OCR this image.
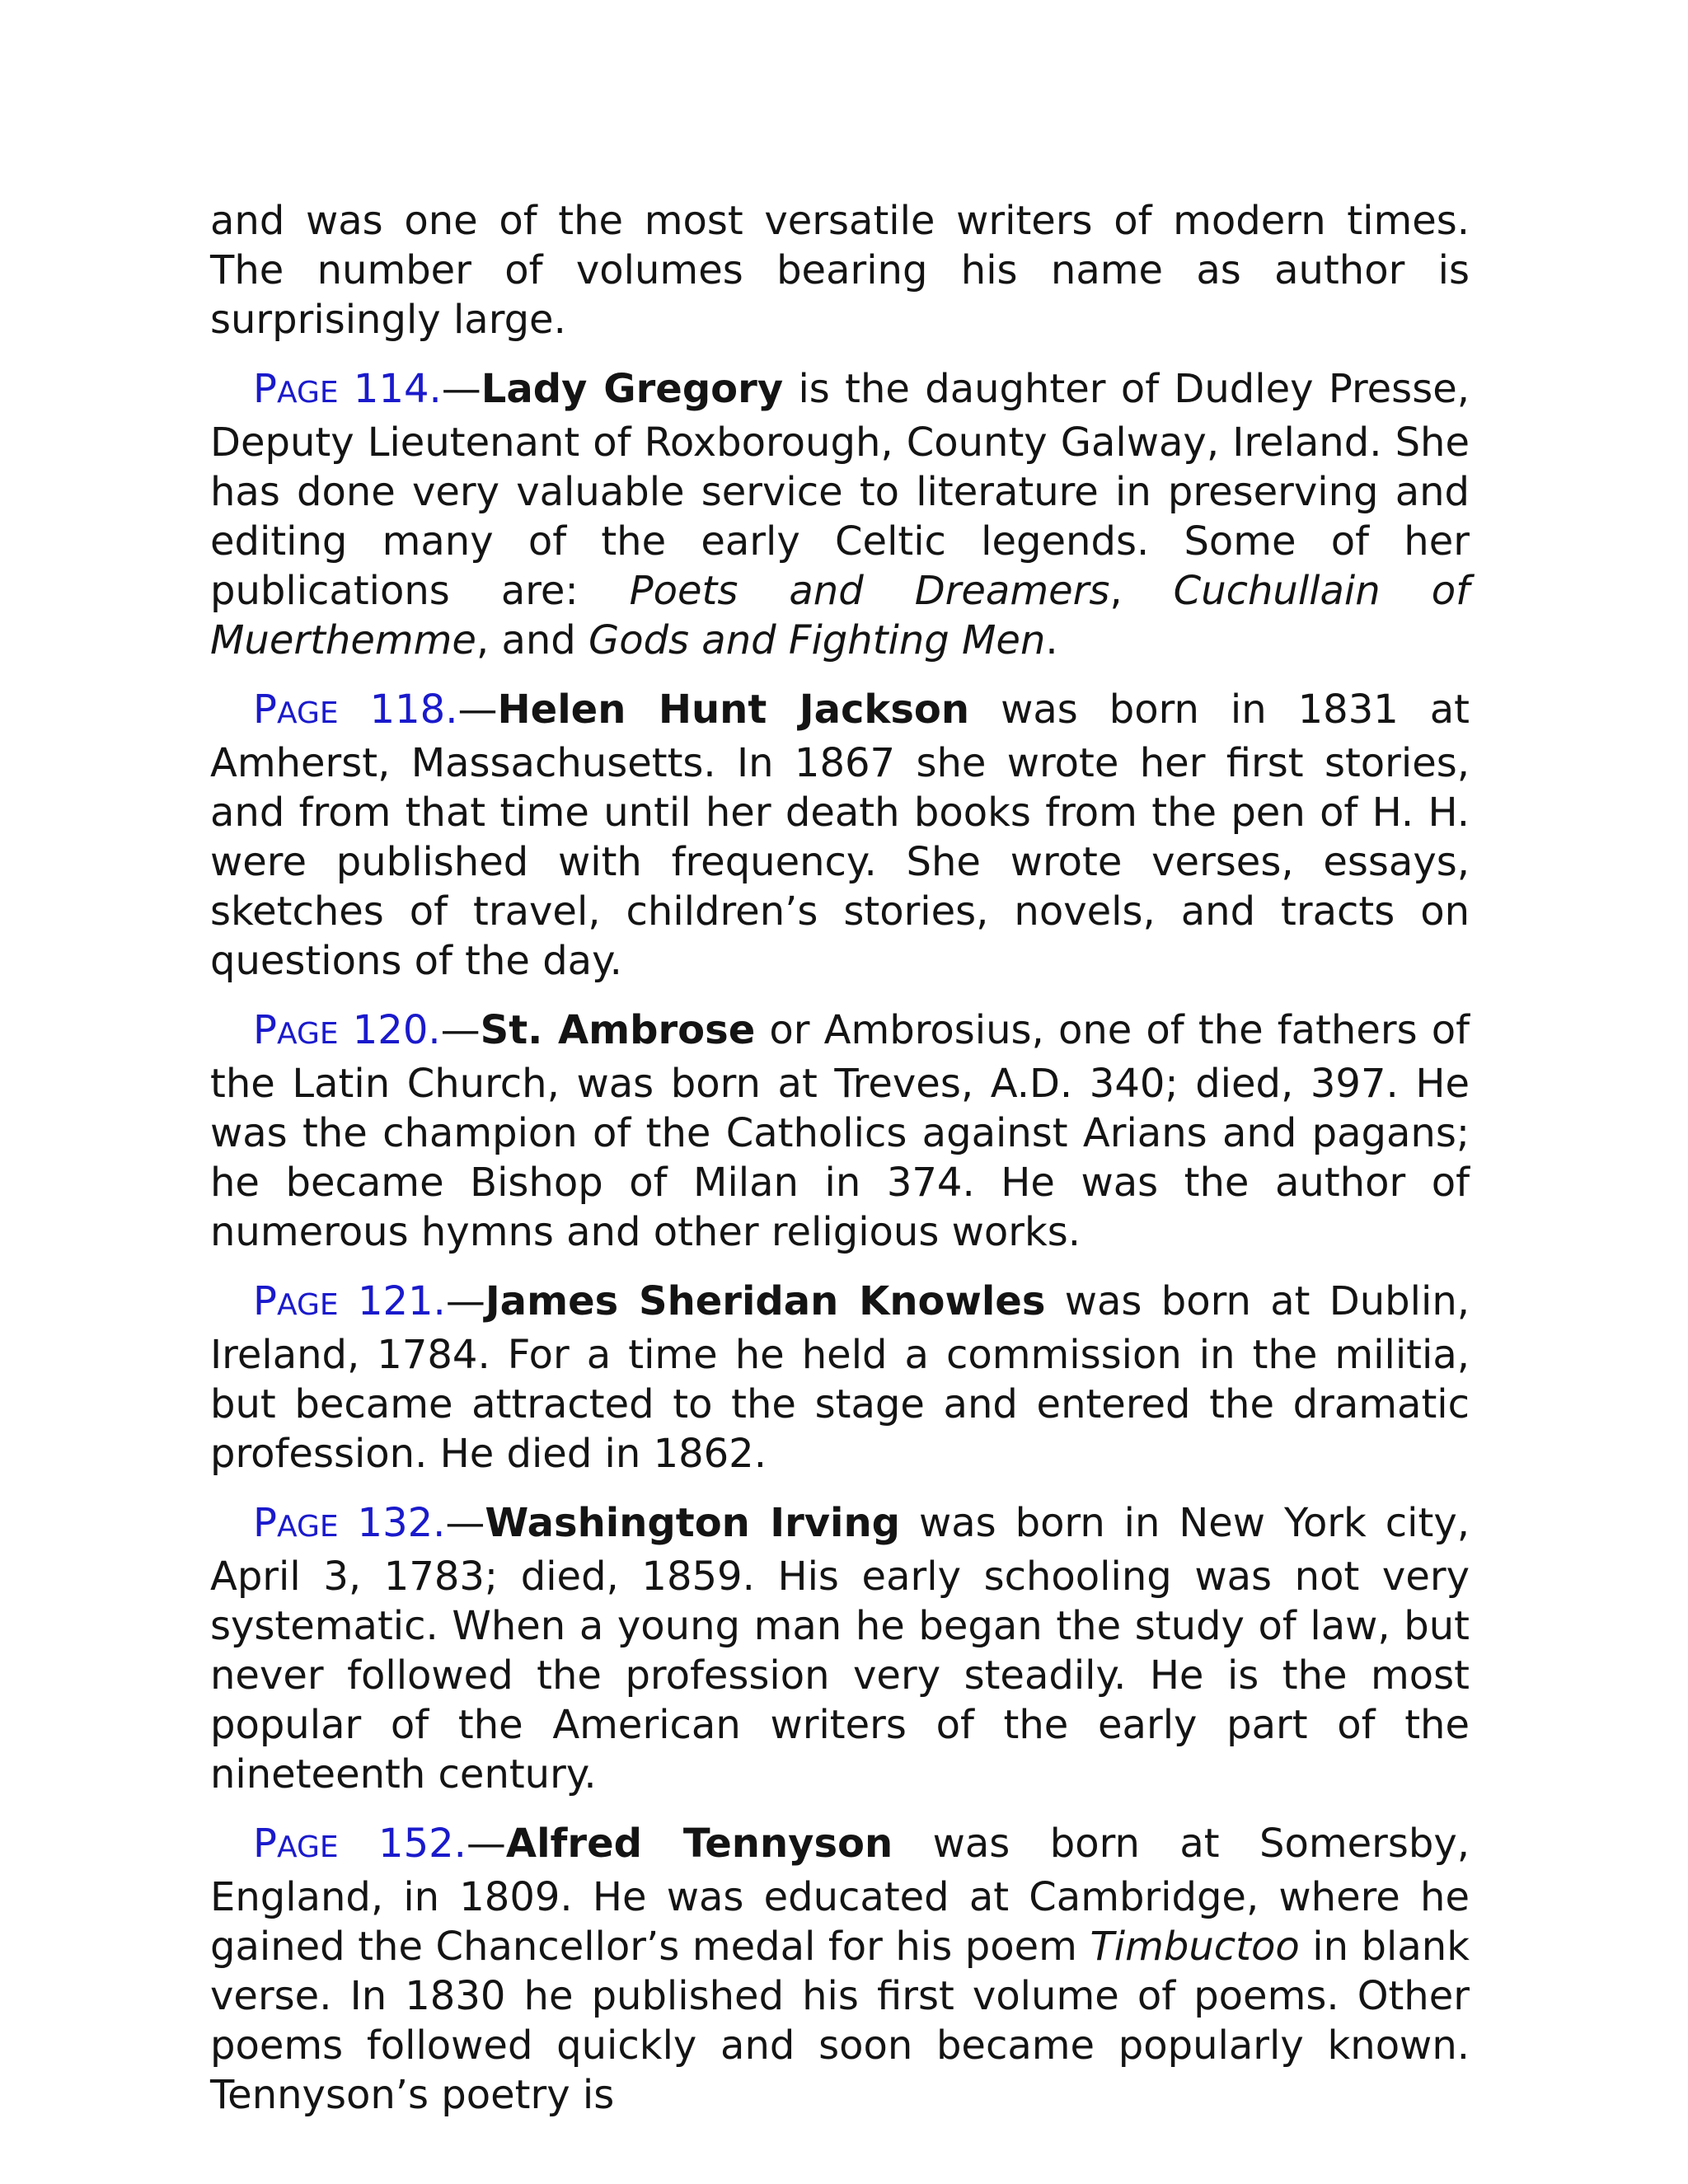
and was one of the most versatile writers of modern times. The number of volumes bearing his name as author is surprisingly large.

PAGE 114.—Lady Gregory is the daughter of Dudley Presse, Deputy Lieutenant of Roxborough, County Galway, Ireland. She has done very valuable service to literature in preserving and editing many of the early Celtic legends. Some of her publications are: Poets and Dreamers, Cuchullain of Muerthemme, and Gods and Fighting Men.

PAGE 118.—Helen Hunt Jackson was born in 1831 at Amherst, Massachusetts. In 1867 she wrote her first stories, and from that time until her death books from the pen of H. H. were published with frequency. She wrote verses, essays, sketches of travel, children’s stories, novels, and tracts on questions of the day.

PAGE 120.—St. Ambrose or Ambrosius, one of the fathers of the Latin Church, was born at Treves, A.D. 340; died, 397. He was the champion of the Catholics against Arians and pagans; he became Bishop of Milan in 374. He was the author of numerous hymns and other religious works.

PAGE 121.—James Sheridan Knowles was born at Dublin, Ireland, 1784. For a time he held a commission in the militia, but became attracted to the stage and entered the dramatic profession. He died in 1862.

PAGE 132.—Washington Irving was born in New York city, April 3, 1783; died, 1859. His early schooling was not very systematic. When a young man he began the study of law, but never followed the profession very steadily. He is the most popular of the American writers of the early part of the nineteenth century.

PAGE 152.—Alfred Tennyson was born at Somersby, England, in 1809. He was educated at Cambridge, where he gained the Chancellor’s medal for his poem Timbuctoo in blank verse. In 1830 he published his first volume of poems. Other poems followed quickly and soon became popularly known. Tennyson’s poetry is
